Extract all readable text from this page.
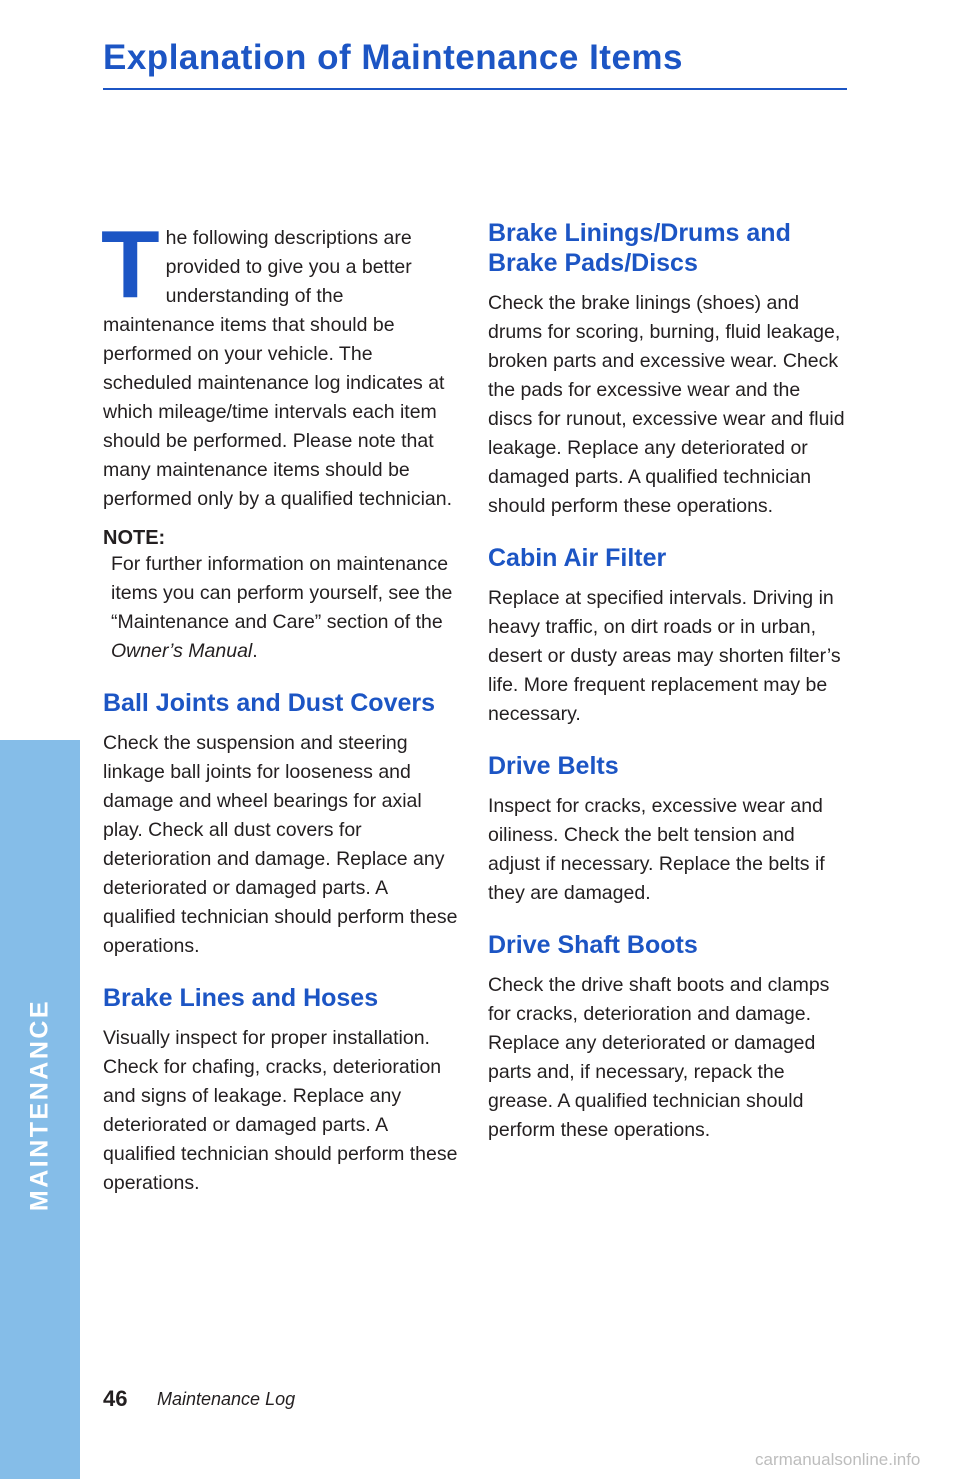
Explanation of Maintenance Items
MAINTENANCE

The following descriptions are provided to give you a better understanding of the maintenance items that should be performed on your vehicle. The scheduled maintenance log indicates at which mileage/time intervals each item should be performed. Please note that many maintenance items should be performed only by a qualified technician.

NOTE:

For further information on maintenance items you can perform yourself, see the “Maintenance and Care” section of the Owner’s Manual.

Ball Joints and Dust Covers

Check the suspension and steering linkage ball joints for looseness and damage and wheel bearings for axial play. Check all dust covers for deterioration and damage. Replace any deteriorated or damaged parts. A qualified technician should perform these operations.

Brake Lines and Hoses

Visually inspect for proper installation. Check for chafing, cracks, deterioration and signs of leakage. Replace any deteriorated or damaged parts. A qualified technician should perform these operations.

Brake Linings/Drums and Brake Pads/Discs

Check the brake linings (shoes) and drums for scoring, burning, fluid leakage, broken parts and excessive wear. Check the pads for excessive wear and the discs for runout, excessive wear and fluid leakage. Replace any deteriorated or damaged parts. A qualified technician should perform these operations.

Cabin Air Filter

Replace at specified intervals. Driving in heavy traffic, on dirt roads or in urban, desert or dusty areas may shorten filter’s life. More frequent replacement may be necessary.

Drive Belts

Inspect for cracks, excessive wear and oiliness. Check the belt tension and adjust if necessary. Replace the belts if they are damaged.

Drive Shaft Boots

Check the drive shaft boots and clamps for cracks, deterioration and damage. Replace any deteriorated or damaged parts and, if necessary, repack the grease. A qualified technician should perform these operations.

46 Maintenance Log
carmanualsonline.info
